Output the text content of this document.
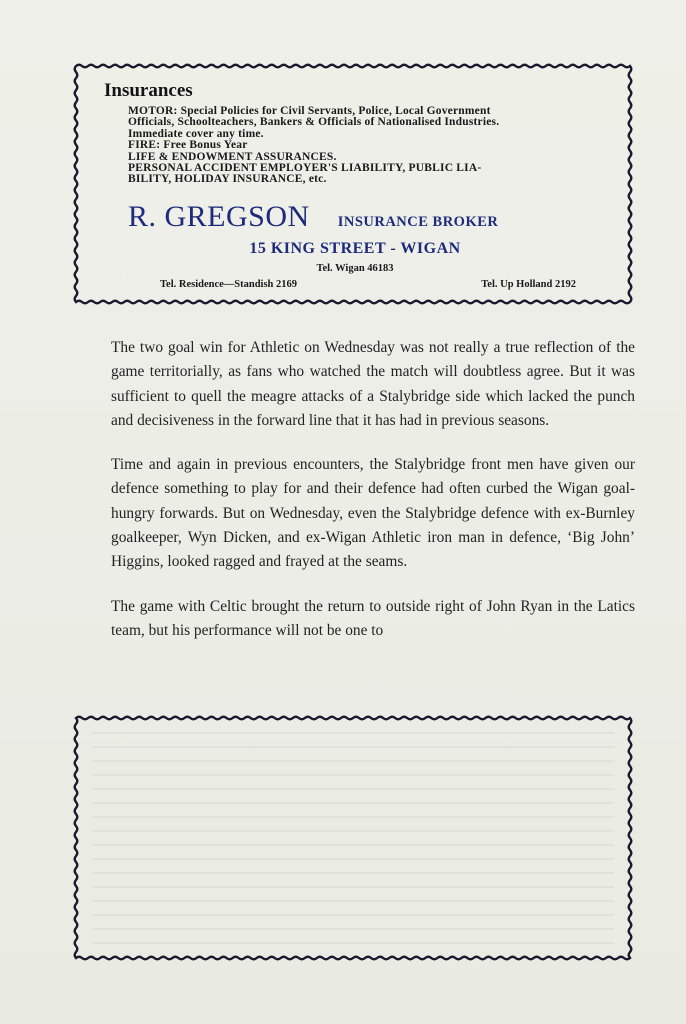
Insurances
MOTOR: Special Policies for Civil Servants, Police, Local Government
Officials, Schoolteachers, Bankers & Officials of Nationalised Industries.
Immediate cover any time.
FIRE: Free Bonus Year
LIFE & ENDOWMENT ASSURANCES.
PERSONAL ACCIDENT EMPLOYER'S LIABILITY, PUBLIC LIA-
BILITY, HOLIDAY INSURANCE, etc.
R. GREGSON INSURANCE BROKER
15 KING STREET - WIGAN
Tel. Wigan 46183
Tel. Residence—Standish 2169	Tel. Up Holland 2192

The two goal win for Athletic on Wednesday was not really a true reflection of the game territorially, as fans who watched the match will doubtless agree. But it was sufficient to quell the meagre attacks of a Stalybridge side which lacked the punch and decisiveness in the forward line that it has had in previous seasons.

Time and again in previous encounters, the Stalybridge front men have given our defence something to play for and their defence had often curbed the Wigan goal-hungry forwards. But on Wednesday, even the Stalybridge defence with ex-Burnley goalkeeper, Wyn Dicken, and ex-Wigan Athletic iron man in defence, ‘Big John’ Higgins, looked ragged and frayed at the seams.

The game with Celtic brought the return to outside right of John Ryan in the Latics team, but his performance will not be one to
